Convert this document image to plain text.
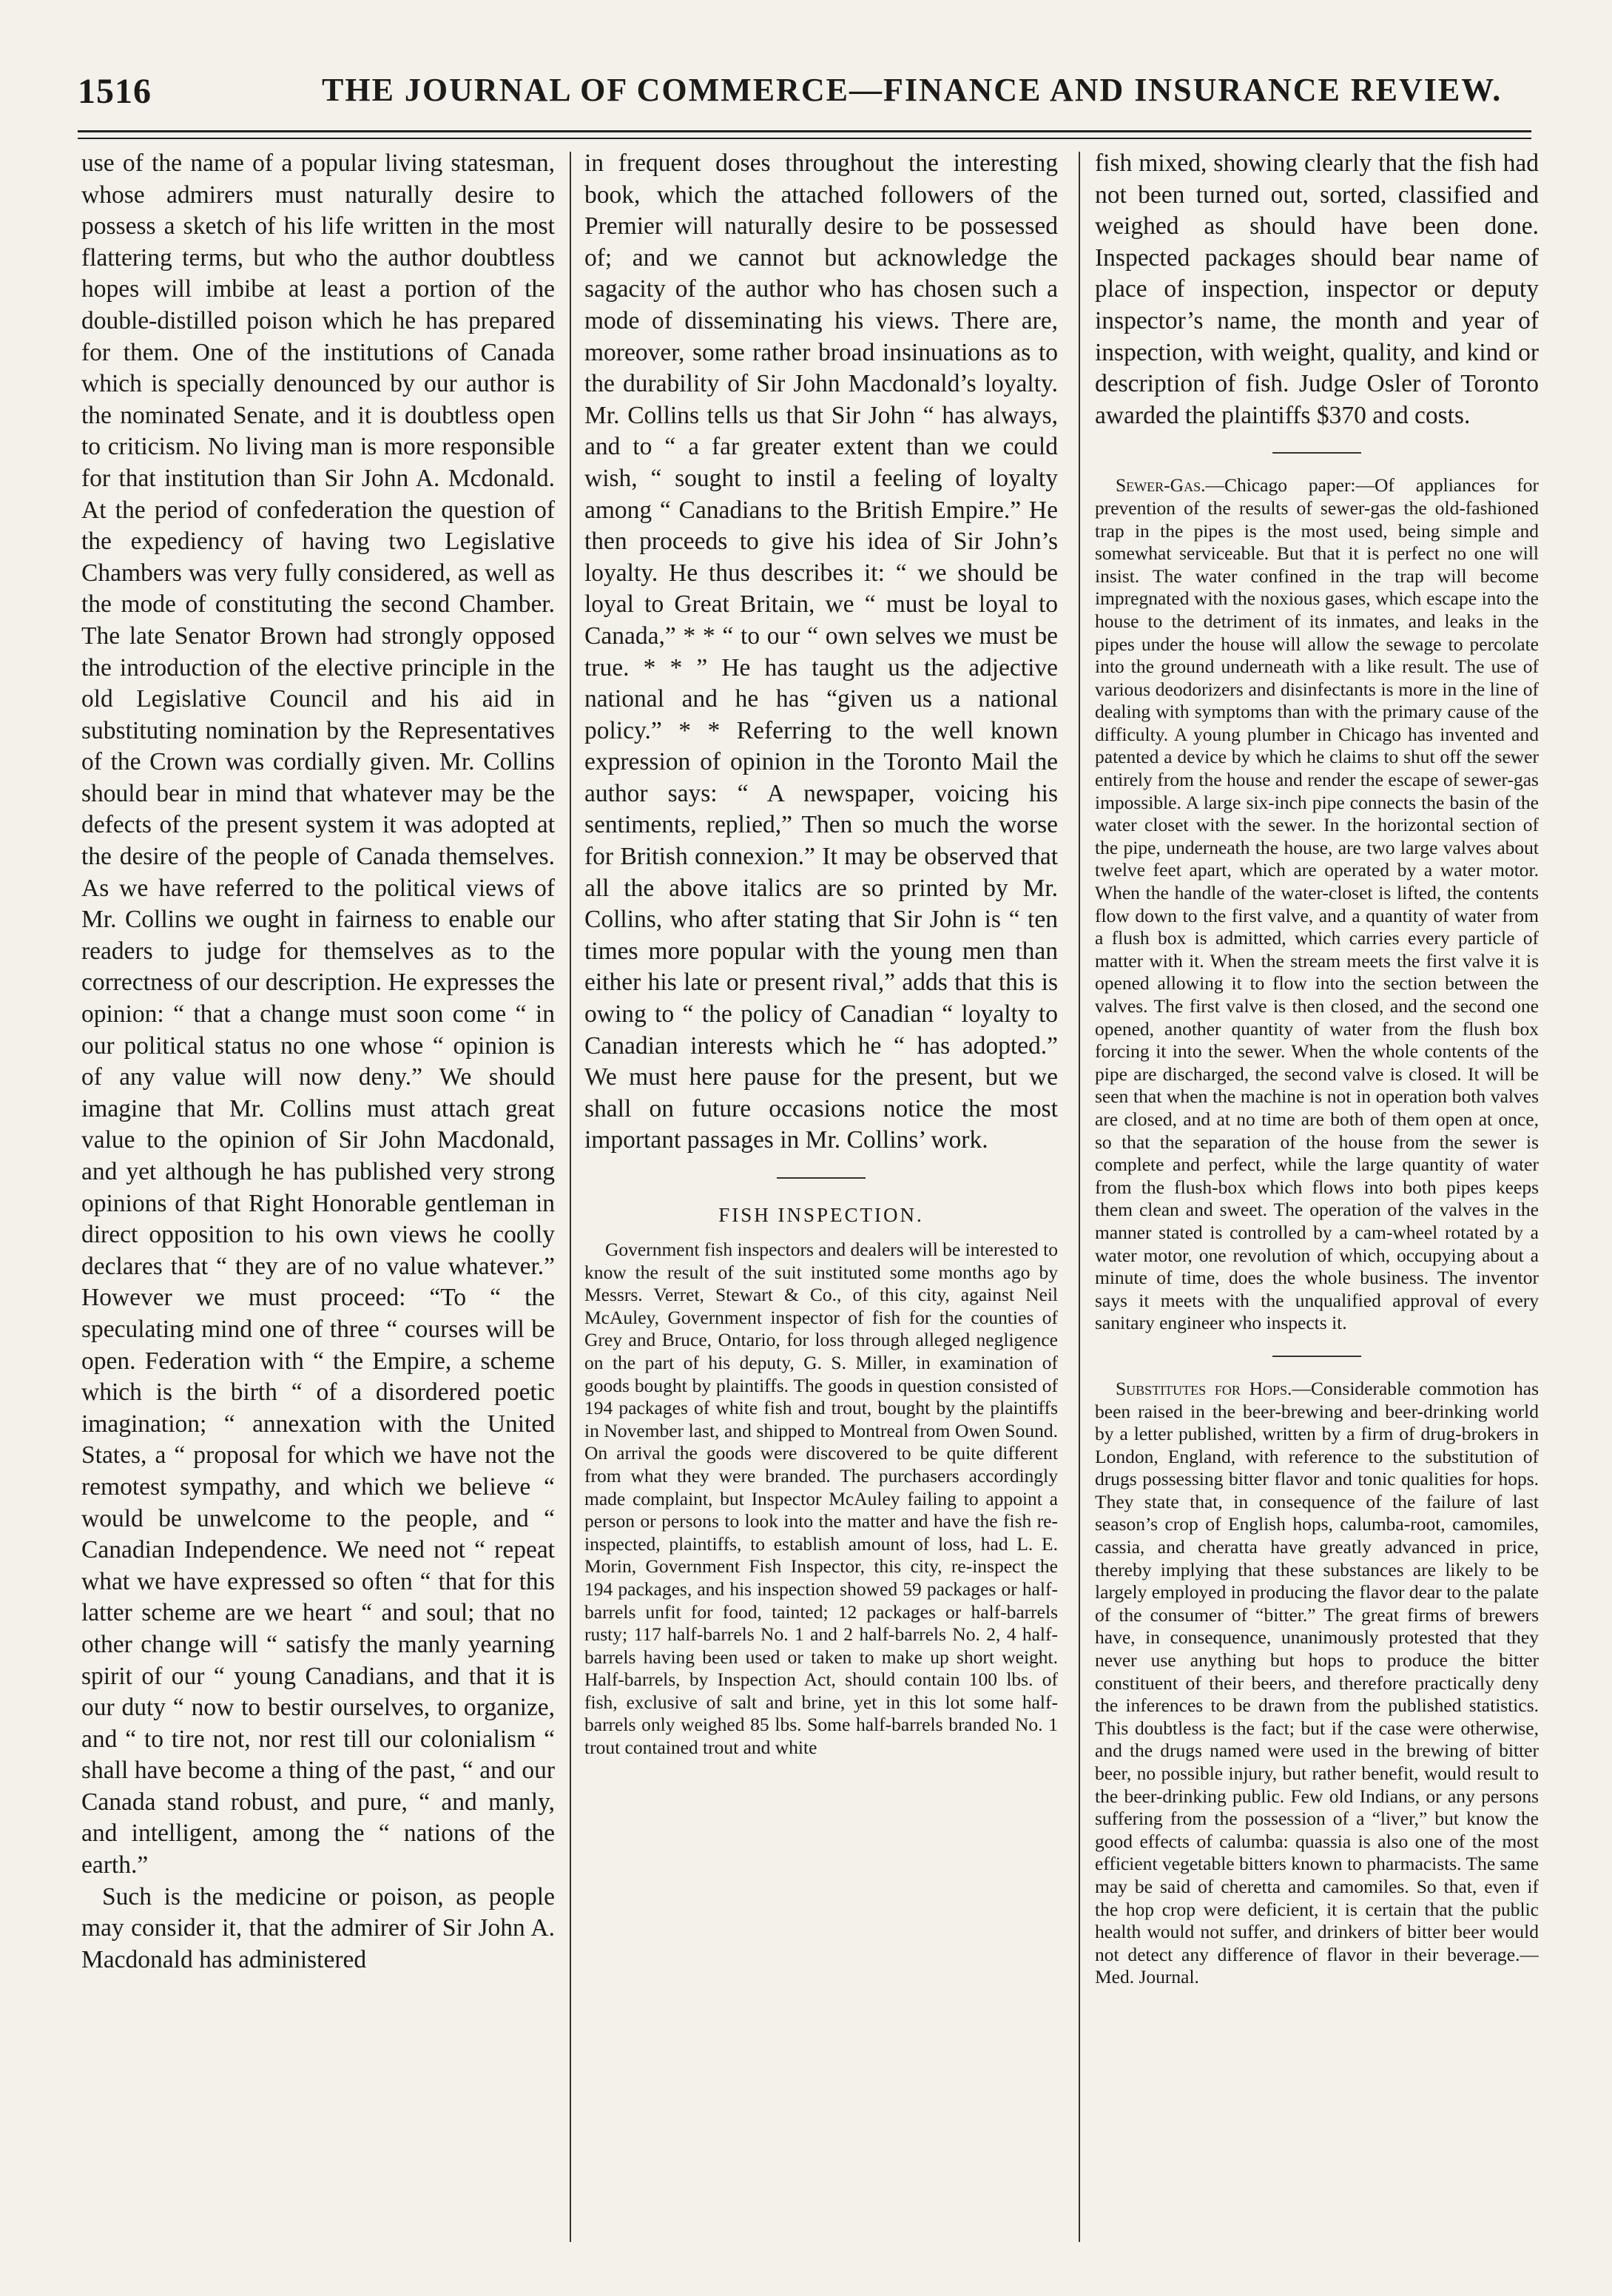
1516	THE JOURNAL OF COMMERCE—FINANCE AND INSURANCE REVIEW.

use of the name of a popular living statesman, whose admirers must naturally desire to possess a sketch of his life written in the most flattering terms, but who the author doubtless hopes will imbibe at least a portion of the double-distilled poison which he has prepared for them. One of the institutions of Canada which is specially denounced by our author is the nominated Senate, and it is doubtless open to criticism. No living man is more responsible for that institution than Sir John A. Mcdonald. At the period of confederation the question of the expediency of having two Legislative Chambers was very fully considered, as well as the mode of constituting the second Chamber. The late Senator Brown had strongly opposed the introduction of the elective principle in the old Legislative Council and his aid in substituting nomination by the Representatives of the Crown was cordially given. Mr. Collins should bear in mind that whatever may be the defects of the present system it was adopted at the desire of the people of Canada themselves. As we have referred to the political views of Mr. Collins we ought in fairness to enable our readers to judge for themselves as to the correctness of our description. He expresses the opinion: “ that a change must soon come “ in our political status no one whose “ opinion is of any value will now deny.” We should imagine that Mr. Collins must attach great value to the opinion of Sir John Macdonald, and yet although he has published very strong opinions of that Right Honorable gentleman in direct opposition to his own views he coolly declares that “ they are of no value whatever.” However we must proceed: “To “ the speculating mind one of three “ courses will be open. Federation with “ the Empire, a scheme which is the birth “ of a disordered poetic imagination; “ annexation with the United States, a “ proposal for which we have not the remotest sympathy, and which we believe “ would be unwelcome to the people, and “ Canadian Independence. We need not “ repeat what we have expressed so often “ that for this latter scheme are we heart “ and soul; that no other change will “ satisfy the manly yearning spirit of our “ young Canadians, and that it is our duty “ now to bestir ourselves, to organize, and “ to tire not, nor rest till our colonialism “ shall have become a thing of the past, “ and our Canada stand robust, and pure, “ and manly, and intelligent, among the “ nations of the earth.”

Such is the medicine or poison, as people may consider it, that the admirer of Sir John A. Macdonald has administered

in frequent doses throughout the interesting book, which the attached followers of the Premier will naturally desire to be possessed of; and we cannot but acknowledge the sagacity of the author who has chosen such a mode of disseminating his views. There are, moreover, some rather broad insinuations as to the durability of Sir John Macdonald’s loyalty. Mr. Collins tells us that Sir John “ has always, and to “ a far greater extent than we could wish, “ sought to instil a feeling of loyalty among “ Canadians to the British Empire.” He then proceeds to give his idea of Sir John’s loyalty. He thus describes it: “ we should be loyal to Great Britain, we “ must be loyal to Canada,” * * “ to our “ own selves we must be true. * * ” He has taught us the adjective national and he has “given us a national policy.” * * Referring to the well known expression of opinion in the Toronto Mail the author says: “ A newspaper, voicing his sentiments, replied,” Then so much the worse for British connexion.” It may be observed that all the above italics are so printed by Mr. Collins, who after stating that Sir John is “ ten times more popular with the young men than either his late or present rival,” adds that this is owing to “ the policy of Canadian “ loyalty to Canadian interests which he “ has adopted.” We must here pause for the present, but we shall on future occasions notice the most important passages in Mr. Collins’ work.

FISH INSPECTION.

Government fish inspectors and dealers will be interested to know the result of the suit instituted some months ago by Messrs. Verret, Stewart & Co., of this city, against Neil McAuley, Government inspector of fish for the counties of Grey and Bruce, Ontario, for loss through alleged negligence on the part of his deputy, G. S. Miller, in examination of goods bought by plaintiffs. The goods in question consisted of 194 packages of white fish and trout, bought by the plaintiffs in November last, and shipped to Montreal from Owen Sound. On arrival the goods were discovered to be quite different from what they were branded. The purchasers accordingly made complaint, but Inspector McAuley failing to appoint a person or persons to look into the matter and have the fish re-inspected, plaintiffs, to establish amount of loss, had L. E. Morin, Government Fish Inspector, this city, re-inspect the 194 packages, and his inspection showed 59 packages or half-barrels unfit for food, tainted; 12 packages or half-barrels rusty; 117 half-barrels No. 1 and 2 half-barrels No. 2, 4 half-barrels having been used or taken to make up short weight. Half-barrels, by Inspection Act, should contain 100 lbs. of fish, exclusive of salt and brine, yet in this lot some half-barrels only weighed 85 lbs. Some half-barrels branded No. 1 trout contained trout and white

fish mixed, showing clearly that the fish had not been turned out, sorted, classified and weighed as should have been done. Inspected packages should bear name of place of inspection, inspector or deputy inspector’s name, the month and year of inspection, with weight, quality, and kind or description of fish. Judge Osler of Toronto awarded the plaintiffs $370 and costs.

Sewer-Gas.—Chicago paper:—Of appliances for prevention of the results of sewer-gas the old-fashioned trap in the pipes is the most used, being simple and somewhat serviceable. But that it is perfect no one will insist. The water confined in the trap will become impregnated with the noxious gases, which escape into the house to the detriment of its inmates, and leaks in the pipes under the house will allow the sewage to percolate into the ground underneath with a like result. The use of various deodorizers and disinfectants is more in the line of dealing with symptoms than with the primary cause of the difficulty. A young plumber in Chicago has invented and patented a device by which he claims to shut off the sewer entirely from the house and render the escape of sewer-gas impossible. A large six-inch pipe connects the basin of the water closet with the sewer. In the horizontal section of the pipe, underneath the house, are two large valves about twelve feet apart, which are operated by a water motor. When the handle of the water-closet is lifted, the contents flow down to the first valve, and a quantity of water from a flush box is admitted, which carries every particle of matter with it. When the stream meets the first valve it is opened allowing it to flow into the section between the valves. The first valve is then closed, and the second one opened, another quantity of water from the flush box forcing it into the sewer. When the whole contents of the pipe are discharged, the second valve is closed. It will be seen that when the machine is not in operation both valves are closed, and at no time are both of them open at once, so that the separation of the house from the sewer is complete and perfect, while the large quantity of water from the flush-box which flows into both pipes keeps them clean and sweet. The operation of the valves in the manner stated is controlled by a cam-wheel rotated by a water motor, one revolution of which, occupying about a minute of time, does the whole business. The inventor says it meets with the unqualified approval of every sanitary engineer who inspects it.

Substitutes for Hops.—Considerable commotion has been raised in the beer-brewing and beer-drinking world by a letter published, written by a firm of drug-brokers in London, England, with reference to the substitution of drugs possessing bitter flavor and tonic qualities for hops. They state that, in consequence of the failure of last season’s crop of English hops, calumba-root, camomiles, cassia, and cheratta have greatly advanced in price, thereby implying that these substances are likely to be largely employed in producing the flavor dear to the palate of the consumer of “bitter.” The great firms of brewers have, in consequence, unanimously protested that they never use anything but hops to produce the bitter constituent of their beers, and therefore practically deny the inferences to be drawn from the published statistics. This doubtless is the fact; but if the case were otherwise, and the drugs named were used in the brewing of bitter beer, no possible injury, but rather benefit, would result to the beer-drinking public. Few old Indians, or any persons suffering from the possession of a “liver,” but know the good effects of calumba: quassia is also one of the most efficient vegetable bitters known to pharmacists. The same may be said of cheretta and camomiles. So that, even if the hop crop were deficient, it is certain that the public health would not suffer, and drinkers of bitter beer would not detect any difference of flavor in their beverage.—Med. Journal.
